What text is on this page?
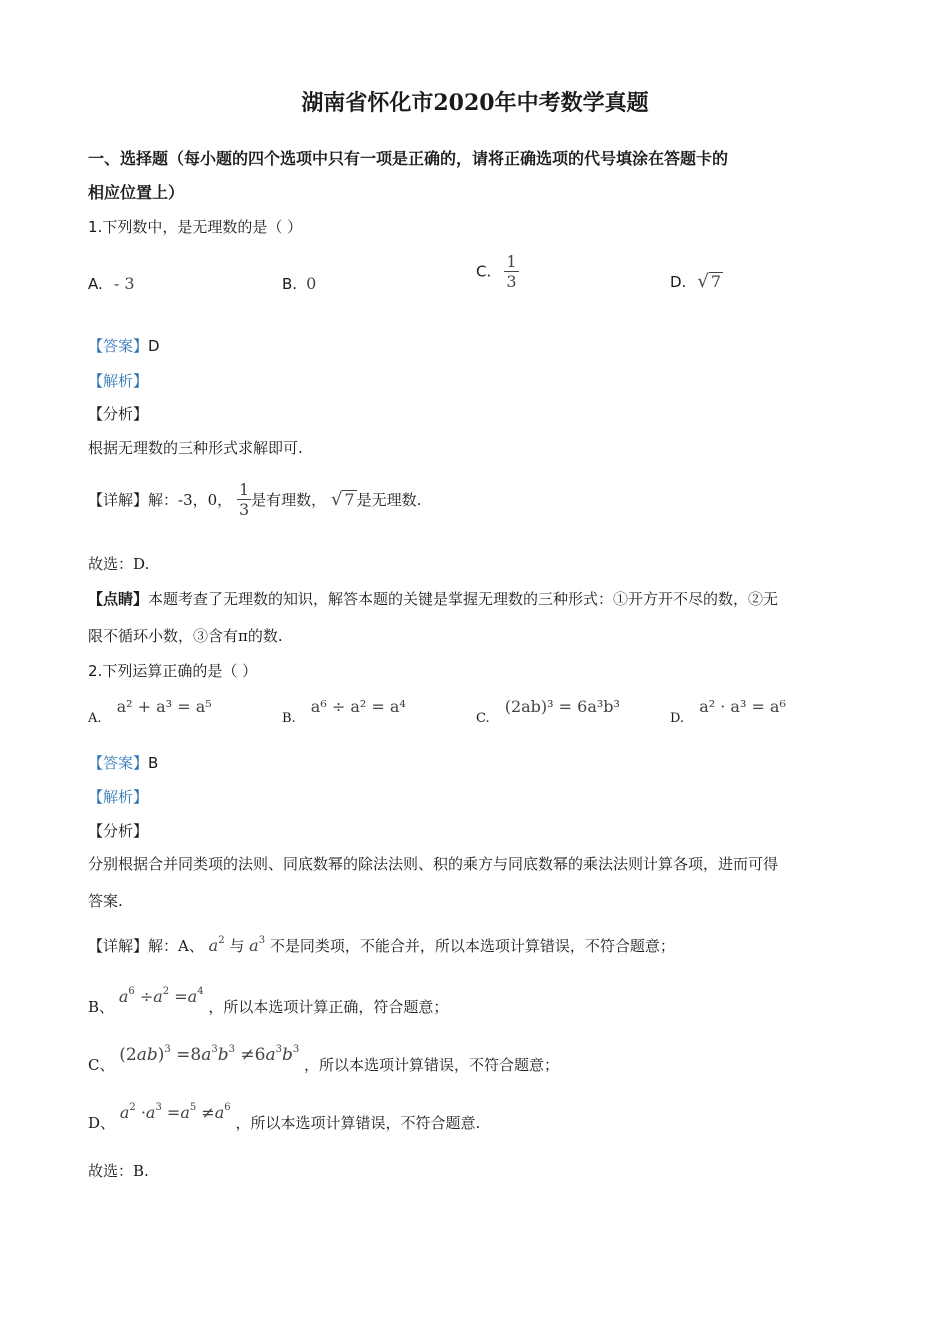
湖南省怀化市2020年中考数学真题
一、选择题（每小题的四个选项中只有一项是正确的，请将正确选项的代号填涂在答题卡的
相应位置上）
1.下列数中，是无理数的是（ ）
A. - 3	B. 0
C. $\frac{1}{3}$	D. √ 7
【答案】D
【解析】
【分析】
根据无理数的三种形式求解即可.
【详解】解：-3，0， $\frac{1}{3}$ 是有理数， √ 7 是无理数.
故选：D.
【点睛】本题考查了无理数的知识，解答本题的关键是掌握无理数的三种形式：①开方开不尽的数，②无
限不循环小数，③含有π的数.
2.下列运算正确的是（ ）
$_{A.}$ a² + a³ = a⁵
$_{B.}$ a⁶ ÷ a² = a⁴
$_{C.}$ (2ab)³ = 6a³b³
$_{D.}$ a² · a³ = a⁶
【答案】B
【解析】
【分析】
分别根据合并同类项的法则、同底数幂的除法法则、积的乘方与同底数幂的乘法法则计算各项，进而可得
答案.
【详解】解：A、 $a^2$ 与 $a^3$ 不是同类项，不能合并，所以本选项计算错误，不符合题意；
B、 $a^6 \div a^2 =a^4$ ，所以本选项计算正确，符合题意；
C、 $(2ab)^3 =8a^3b^3 \ne 6a^3b^3$ ，所以本选项计算错误，不符合题意；
D、 $a^2 \cdot a^3 =a^5 \ne a^6$ ，所以本选项计算错误，不符合题意.
故选：B.
